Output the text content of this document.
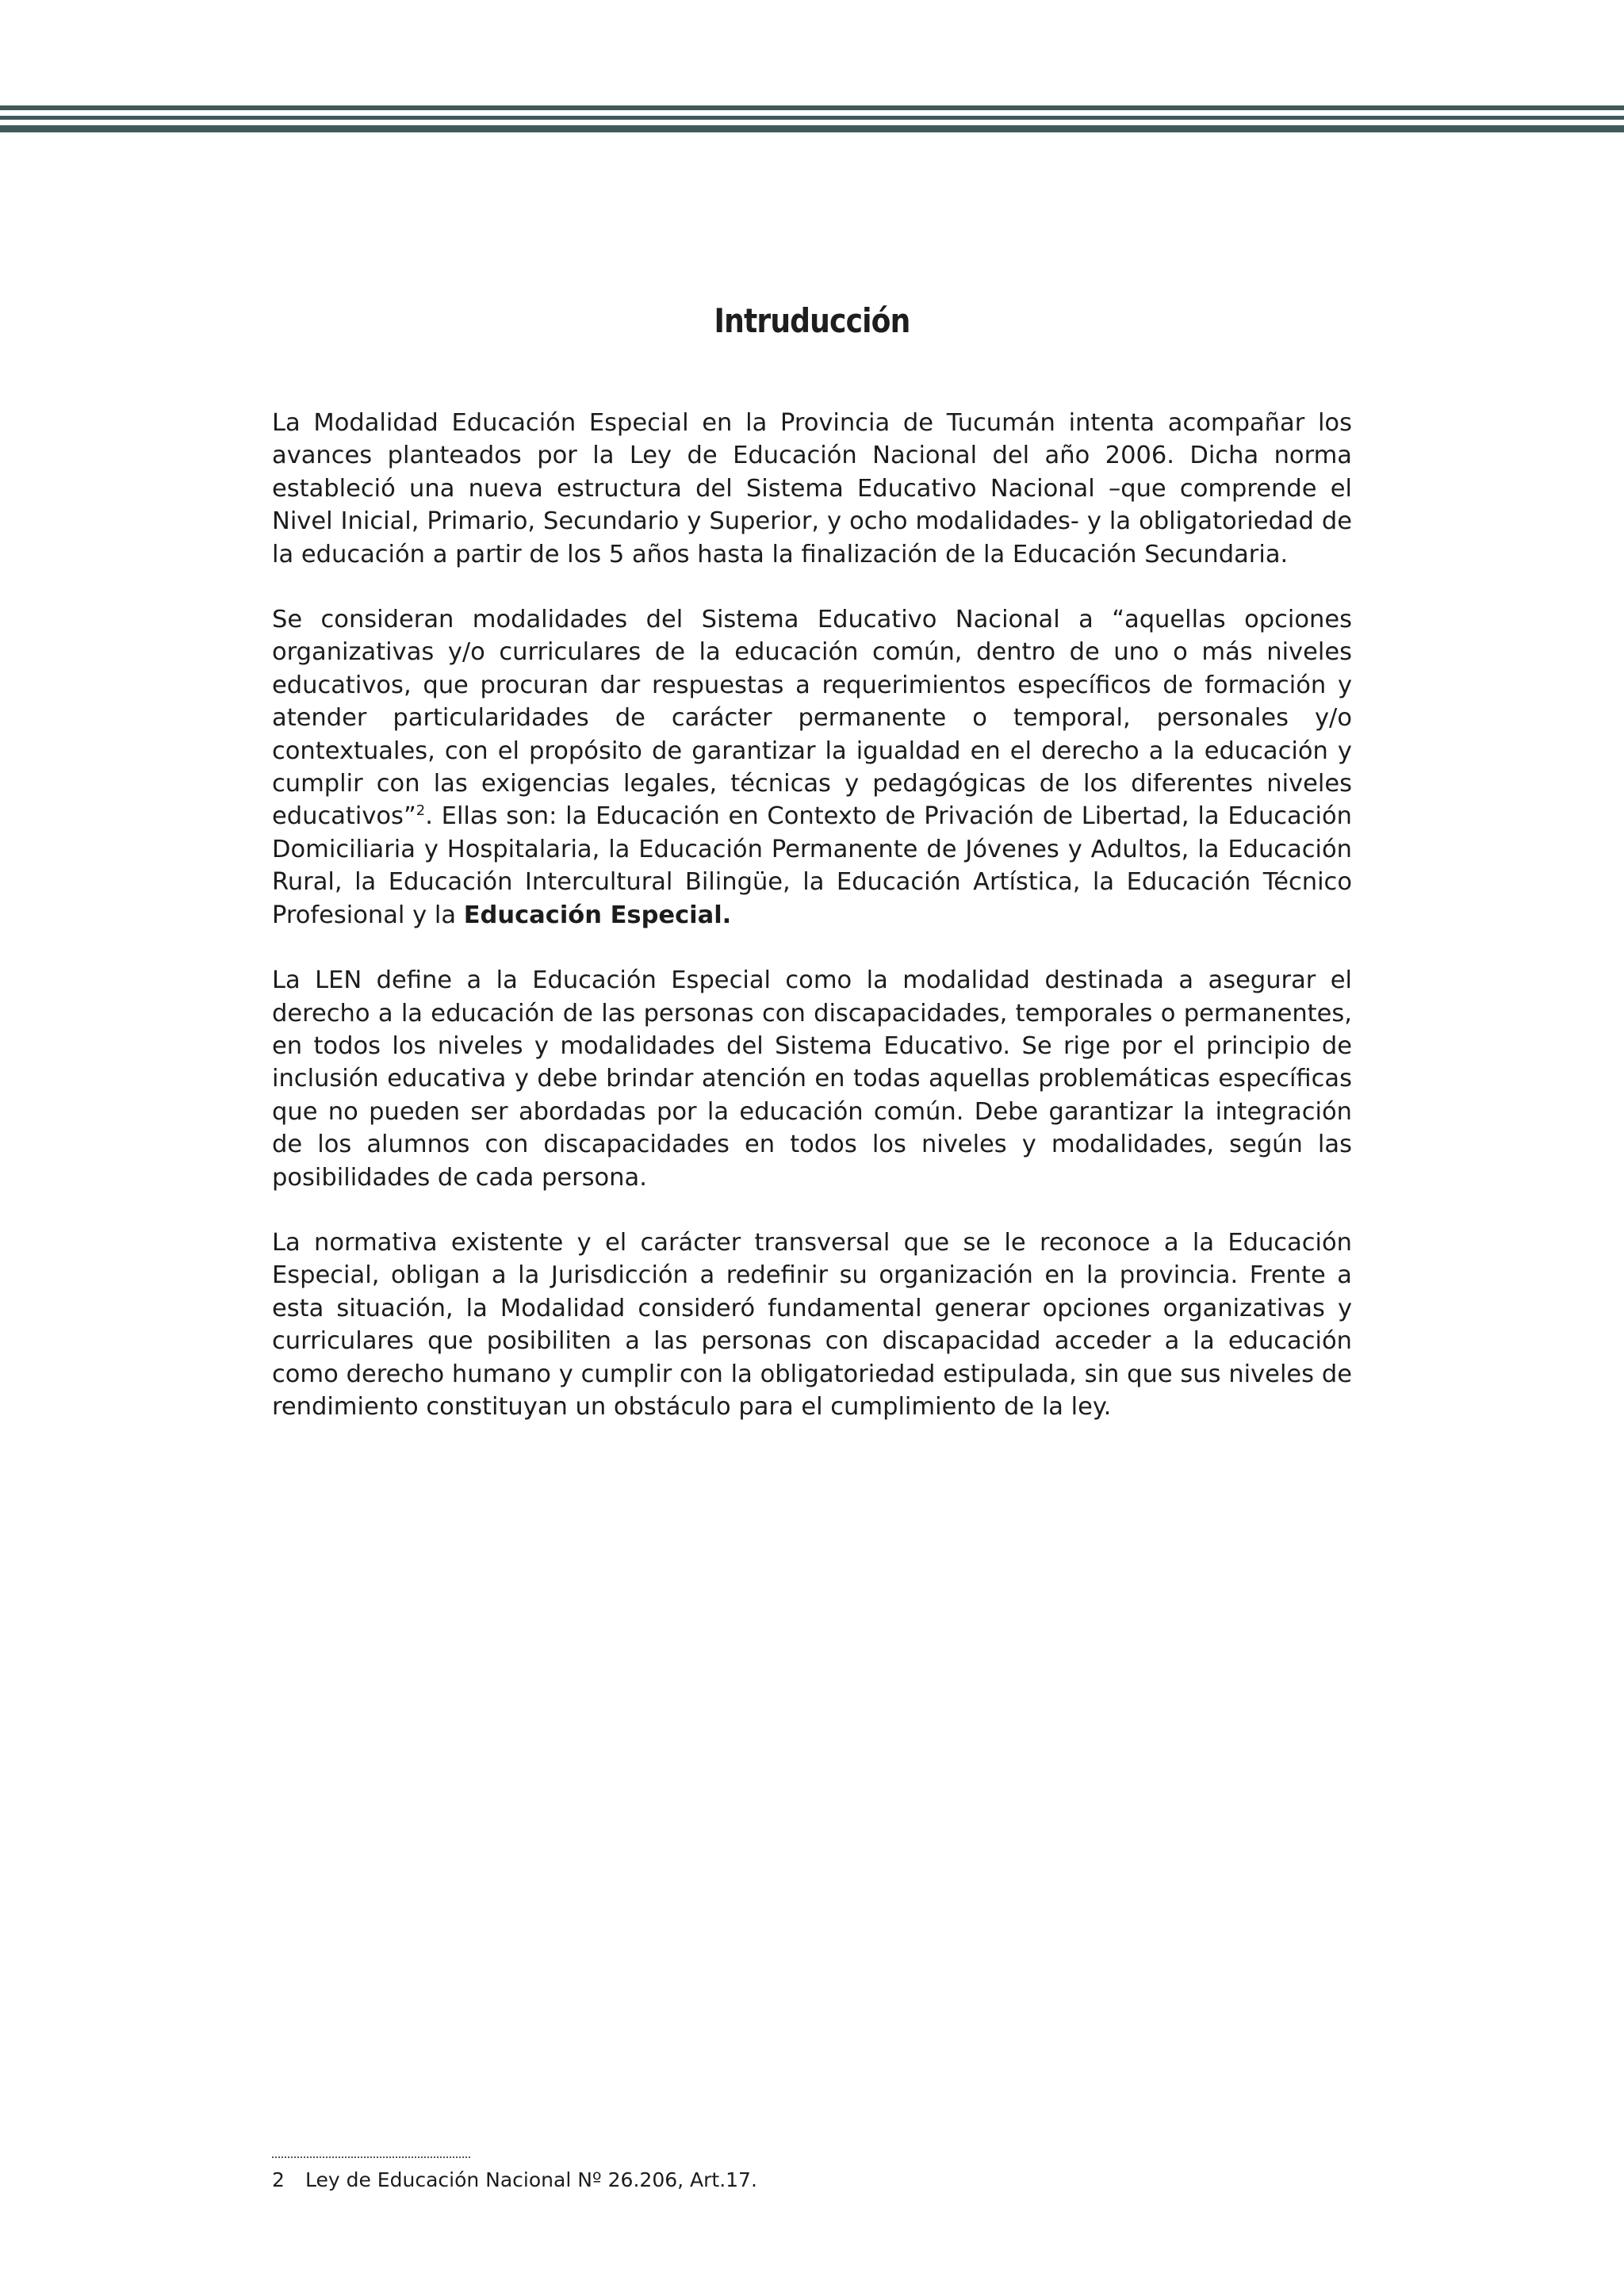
Intruducción

La Modalidad Educación Especial en la Provincia de Tucumán intenta acompañar los avances planteados por la Ley de Educación Nacional del año 2006. Dicha norma estableció una nueva estructura del Sistema Educativo Nacional –que comprende el Nivel Inicial, Primario, Secundario y Superior, y ocho modalidades- y la obligatoriedad de la educación a partir de los 5 años hasta la finalización de la Educación Secundaria.

Se consideran modalidades del Sistema Educativo Nacional a “aquellas opciones organizativas y/o curriculares de la educación común, dentro de uno o más niveles educativos, que procuran dar respuestas a requerimientos específicos de formación y atender particularidades de carácter permanente o temporal, personales y/o contextuales, con el propósito de garantizar la igualdad en el derecho a la educación y cumplir con las exigencias legales, técnicas y pedagógicas de los diferentes niveles educativos”$^2$. Ellas son: la Educación en Contexto de Privación de Libertad, la Educación Domiciliaria y Hospitalaria, la Educación Permanente de Jóvenes y Adultos, la Educación Rural, la Educación Intercultural Bilingüe, la Educación Artística, la Educación Técnico Profesional y la Educación Especial.

La LEN define a la Educación Especial como la modalidad destinada a asegurar el derecho a la educación de las personas con discapacidades, temporales o permanentes, en todos los niveles y modalidades del Sistema Educativo. Se rige por el principio de inclusión educativa y debe brindar atención en todas aquellas problemáticas específicas que no pueden ser abordadas por la educación común. Debe garantizar la integración de los alumnos con discapacidades en todos los niveles y modalidades, según las posibilidades de cada persona.

La normativa existente y el carácter transversal que se le reconoce a la Educación Especial, obligan a la Jurisdicción a redefinir su organización en la provincia. Frente a esta situación, la Modalidad consideró fundamental generar opciones organizativas y curriculares que posibiliten a las personas con discapacidad acceder a la educación como derecho humano y cumplir con la obligatoriedad estipulada, sin que sus niveles de rendimiento constituyan un obstáculo para el cumplimiento de la ley.

2 Ley de Educación Nacional Nº 26.206, Art.17.
